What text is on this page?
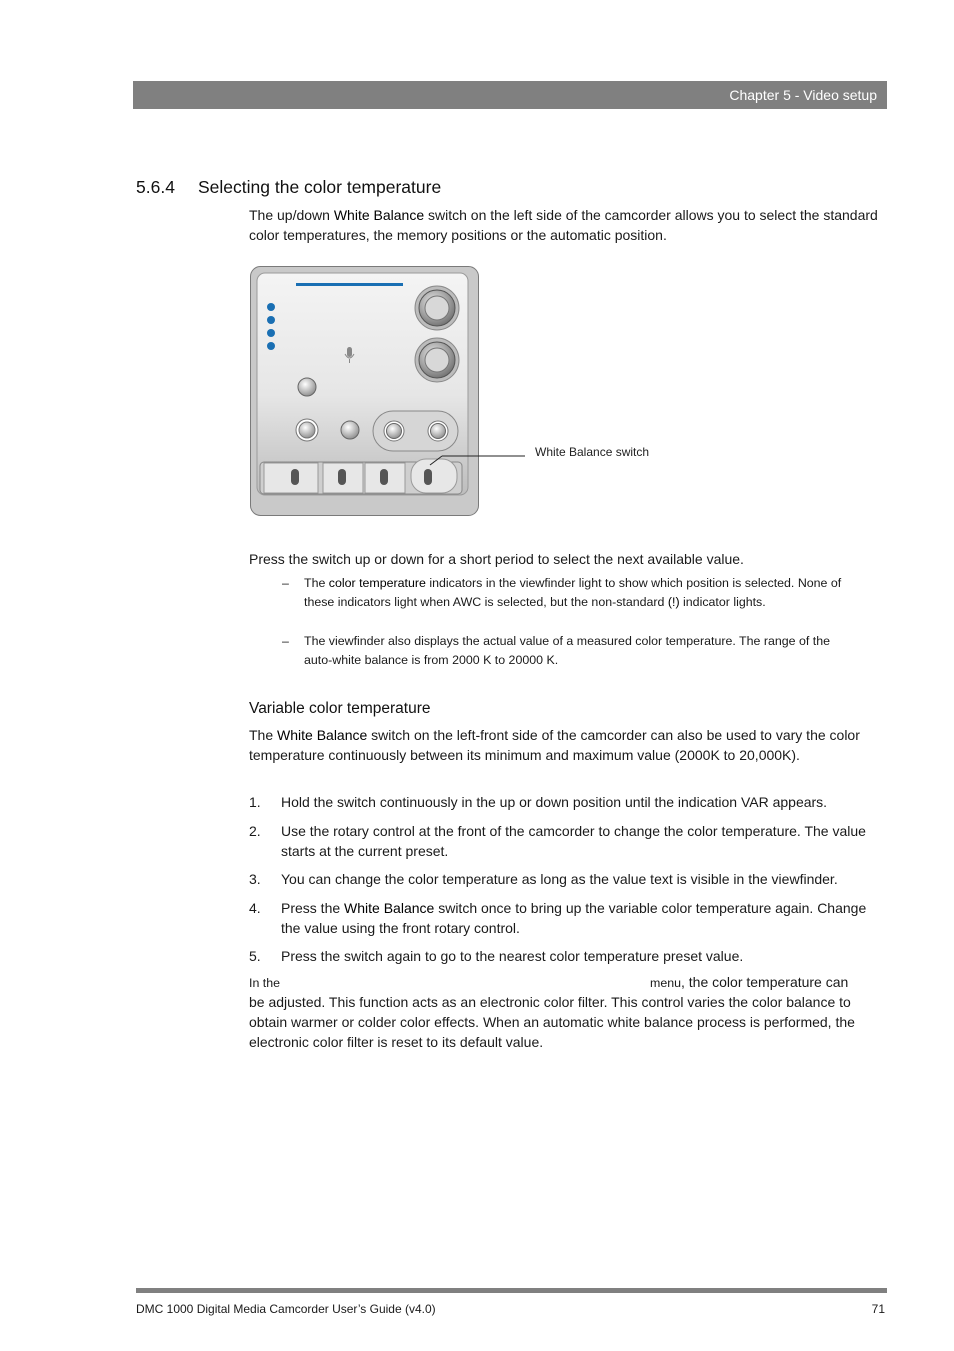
Chapter 5 - Video setup
5.6.4 Selecting the color temperature
The up/down White Balance switch on the left side of the camcorder allows you to select the standard color temperatures, the memory positions or the automatic position.
White Balance switch
Press the switch up or down for a short period to select the next available value.
– The color temperature indicators in the viewfinder light to show which position is selected. None of these indicators light when AWC is selected, but the non-standard (!) indicator lights.
– The viewfinder also displays the actual value of a measured color temperature. The range of the auto-white balance is from 2000 K to 20000 K.
Variable color temperature
The White Balance switch on the left-front side of the camcorder can also be used to vary the color temperature continuously between its minimum and maximum value (2000K to 20,000K).
1. Hold the switch continuously in the up or down position until the indication VAR appears.
2. Use the rotary control at the front of the camcorder to change the color temperature. The value starts at the current preset.
3. You can change the color temperature as long as the value text is visible in the viewfinder.
4. Press the White Balance switch once to bring up the variable color temperature again. Change the value using the front rotary control.
5. Press the switch again to go to the nearest color temperature preset value.
In the	menu, the color temperature can
be adjusted. This function acts as an electronic color filter. This control varies the color balance to obtain warmer or colder color effects. When an automatic white balance process is performed, the electronic color filter is reset to its default value.
DMC 1000 Digital Media Camcorder User’s Guide (v4.0)	71
